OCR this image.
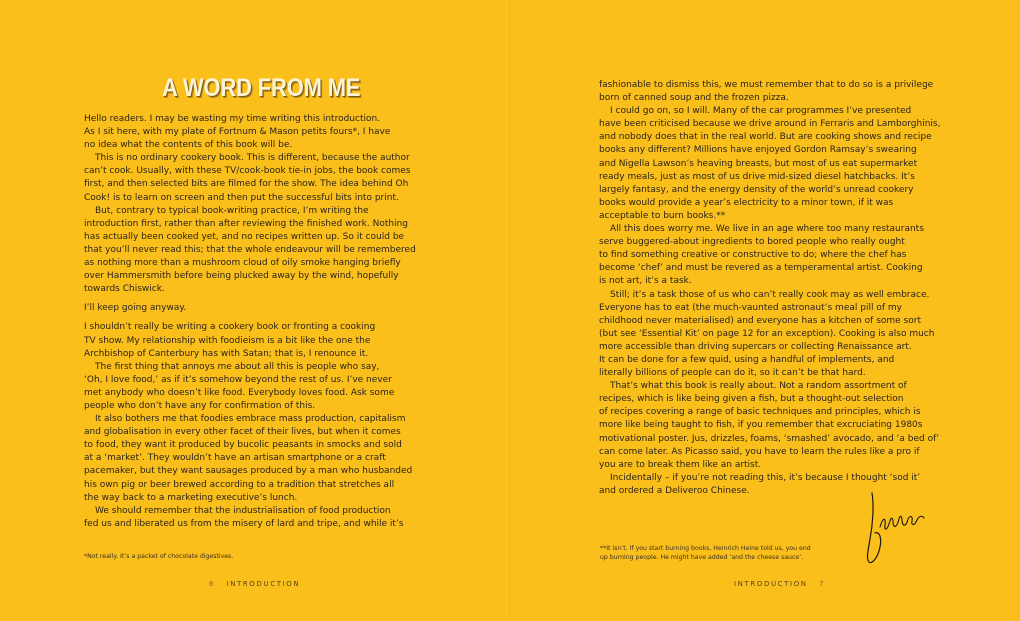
A WORD FROM ME

Hello readers. I may be wasting my time writing this introduction.
As I sit here, with my plate of Fortnum & Mason petits fours*, I have
no idea what the contents of this book will be.

This is no ordinary cookery book. This is different, because the author
can’t cook. Usually, with these TV/cook-book tie-in jobs, the book comes
first, and then selected bits are filmed for the show. The idea behind Oh
Cook! is to learn on screen and then put the successful bits into print.

But, contrary to typical book-writing practice, I’m writing the
introduction first, rather than after reviewing the finished work. Nothing
has actually been cooked yet, and no recipes written up. So it could be
that you’ll never read this; that the whole endeavour will be remembered
as nothing more than a mushroom cloud of oily smoke hanging briefly
over Hammersmith before being plucked away by the wind, hopefully
towards Chiswick.

I’ll keep going anyway.

I shouldn’t really be writing a cookery book or fronting a cooking
TV show. My relationship with foodieism is a bit like the one the
Archbishop of Canterbury has with Satan; that is, I renounce it.

The first thing that annoys me about all this is people who say,
‘Oh, I love food,’ as if it’s somehow beyond the rest of us. I’ve never
met anybody who doesn’t like food. Everybody loves food. Ask some
people who don’t have any for confirmation of this.

It also bothers me that foodies embrace mass production, capitalism
and globalisation in every other facet of their lives, but when it comes
to food, they want it produced by bucolic peasants in smocks and sold
at a ‘market’. They wouldn’t have an artisan smartphone or a craft
pacemaker, but they want sausages produced by a man who husbanded
his own pig or beer brewed according to a tradition that stretches all
the way back to a marketing executive’s lunch.

We should remember that the industrialisation of food production
fed us and liberated us from the misery of lard and tripe, and while it’s

*Not really. It’s a packet of chocolate digestives.
6 INTRODUCTION

fashionable to dismiss this, we must remember that to do so is a privilege
born of canned soup and the frozen pizza.

I could go on, so I will. Many of the car programmes I’ve presented
have been criticised because we drive around in Ferraris and Lamborghinis,
and nobody does that in the real world. But are cooking shows and recipe
books any different? Millions have enjoyed Gordon Ramsay’s swearing
and Nigella Lawson’s heaving breasts, but most of us eat supermarket
ready meals, just as most of us drive mid-sized diesel hatchbacks. It’s
largely fantasy, and the energy density of the world’s unread cookery
books would provide a year’s electricity to a minor town, if it was
acceptable to burn books.**

All this does worry me. We live in an age where too many restaurants
serve buggered-about ingredients to bored people who really ought
to find something creative or constructive to do; where the chef has
become ‘chef’ and must be revered as a temperamental artist. Cooking
is not art, it’s a task.

Still; it’s a task those of us who can’t really cook may as well embrace.
Everyone has to eat (the much-vaunted astronaut’s meal pill of my
childhood never materialised) and everyone has a kitchen of some sort
(but see ‘Essential Kit’ on page 12 for an exception). Cooking is also much
more accessible than driving supercars or collecting Renaissance art.
It can be done for a few quid, using a handful of implements, and
literally billions of people can do it, so it can’t be that hard.

That’s what this book is really about. Not a random assortment of
recipes, which is like being given a fish, but a thought-out selection
of recipes covering a range of basic techniques and principles, which is
more like being taught to fish, if you remember that excruciating 1980s
motivational poster. Jus, drizzles, foams, ‘smashed’ avocado, and ‘a bed of’
can come later. As Picasso said, you have to learn the rules like a pro if
you are to break them like an artist.

Incidentally – if you’re not reading this, it’s because I thought ‘sod it’
and ordered a Deliveroo Chinese.

**It isn’t. If you start burning books, Heinrich Heine told us, you end
up burning people. He might have added ‘and the cheese sauce’.
INTRODUCTION 7
